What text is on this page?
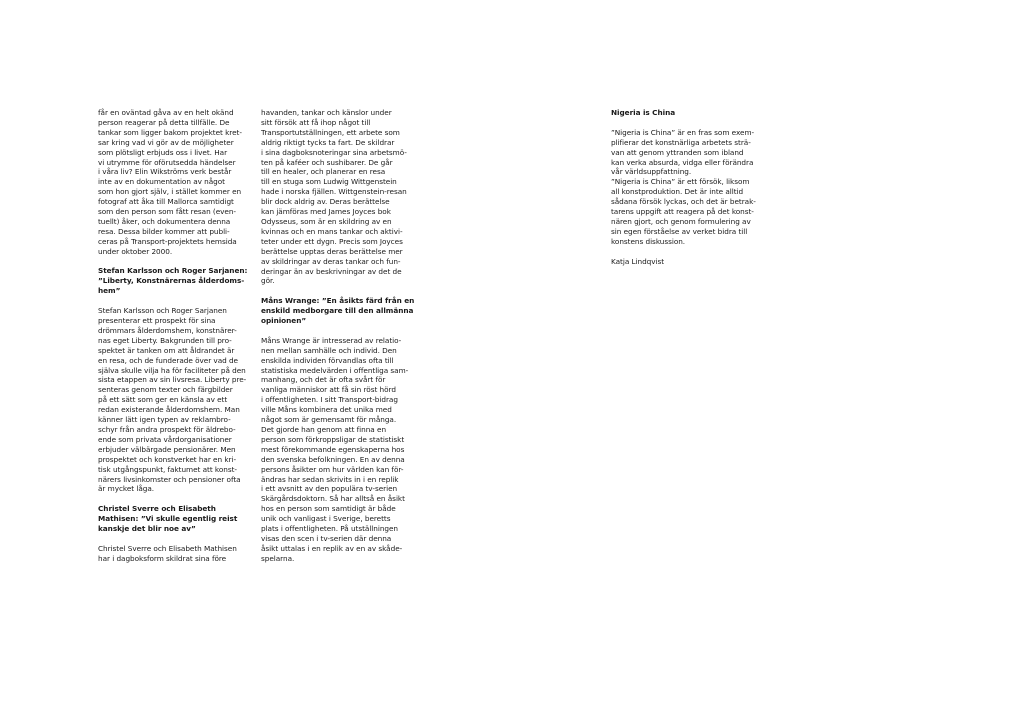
får en oväntad gåva av en helt okänd
person reagerar på detta tillfälle. De
tankar som ligger bakom projektet kret-
sar kring vad vi gör av de möjligheter
som plötsligt erbjuds oss i livet. Har
vi utrymme för oförutsedda händelser
i våra liv? Elin Wikströms verk består
inte av en dokumentation av något
som hon gjort själv, i stället kommer en
fotograf att åka till Mallorca samtidigt
som den person som fått resan (even-
tuellt) åker, och dokumentera denna
resa. Dessa bilder kommer att publi-
ceras på Transport-projektets hemsida
under oktober 2000.

Stefan Karlsson och Roger Sarjanen:
”Liberty, Konstnärernas ålderdoms-
hem”

Stefan Karlsson och Roger Sarjanen
presenterar ett prospekt för sina
drömmars ålderdomshem, konstnärer-
nas eget Liberty. Bakgrunden till pro-
spektet är tanken om att åldrandet är
en resa, och de funderade över vad de
själva skulle vilja ha för faciliteter på den
sista etappen av sin livsresa. Liberty pre-
senteras genom texter och färgbilder
på ett sätt som ger en känsla av ett
redan existerande ålderdomshem. Man
känner lätt igen typen av reklambro-
schyr från andra prospekt för äldrebo-
ende som privata vårdorganisationer
erbjuder välbärgade pensionärer. Men
prospektet och konstverket har en kri-
tisk utgångspunkt, faktumet att konst-
närers livsinkomster och pensioner ofta
är mycket låga.

Christel Sverre och Elisabeth
Mathisen: ”Vi skulle egentlig reist
kanskje det blir noe av”

Christel Sverre och Elisabeth Mathisen
har i dagboksform skildrat sina före

havanden, tankar och känslor under
sitt försök att få ihop något till
Transportutställningen, ett arbete som
aldrig riktigt tycks ta fart. De skildrar
i sina dagboksnoteringar sina arbetsmö-
ten på kaféer och sushibarer. De går
till en healer, och planerar en resa
till en stuga som Ludwig Wittgenstein
hade i norska fjällen. Wittgenstein-resan
blir dock aldrig av. Deras berättelse
kan jämföras med James Joyces bok
Odysseus, som är en skildring av en
kvinnas och en mans tankar och aktivi-
teter under ett dygn. Precis som Joyces
berättelse upptas deras berättelse mer
av skildringar av deras tankar och fun-
deringar än av beskrivningar av det de
gör.

Måns Wrange: ”En åsikts färd från en
enskild medborgare till den allmänna
opinionen”

Måns Wrange är intresserad av relatio-
nen mellan samhälle och individ. Den
enskilda individen förvandlas ofta till
statistiska medelvärden i offentliga sam-
manhang, och det är ofta svårt för
vanliga människor att få sin röst hörd
i offentligheten. I sitt Transport-bidrag
ville Måns kombinera det unika med
något som är gemensamt för många.
Det gjorde han genom att finna en
person som förkroppsligar de statistiskt
mest förekommande egenskaperna hos
den svenska befolkningen. En av denna
persons åsikter om hur världen kan för-
ändras har sedan skrivits in i en replik
i ett avsnitt av den populära tv-serien
Skärgårdsdoktorn. Så har alltså en åsikt
hos en person som samtidigt är både
unik och vanligast i Sverige, beretts
plats i offentligheten. På utställningen
visas den scen i tv-serien där denna
åsikt uttalas i en replik av en av skåde-
spelarna.

Nigeria is China

”Nigeria is China” är en fras som exem-
plifierar det konstnärliga arbetets strä-
van att genom yttranden som ibland
kan verka absurda, vidga eller förändra
vår världsuppfattning.
”Nigeria is China” är ett försök, liksom
all konstproduktion. Det är inte alltid
sådana försök lyckas, och det är betrak-
tarens uppgift att reagera på det konst-
nären gjort, och genom formulering av
sin egen förståelse av verket bidra till
konstens diskussion.

Katja Lindqvist
